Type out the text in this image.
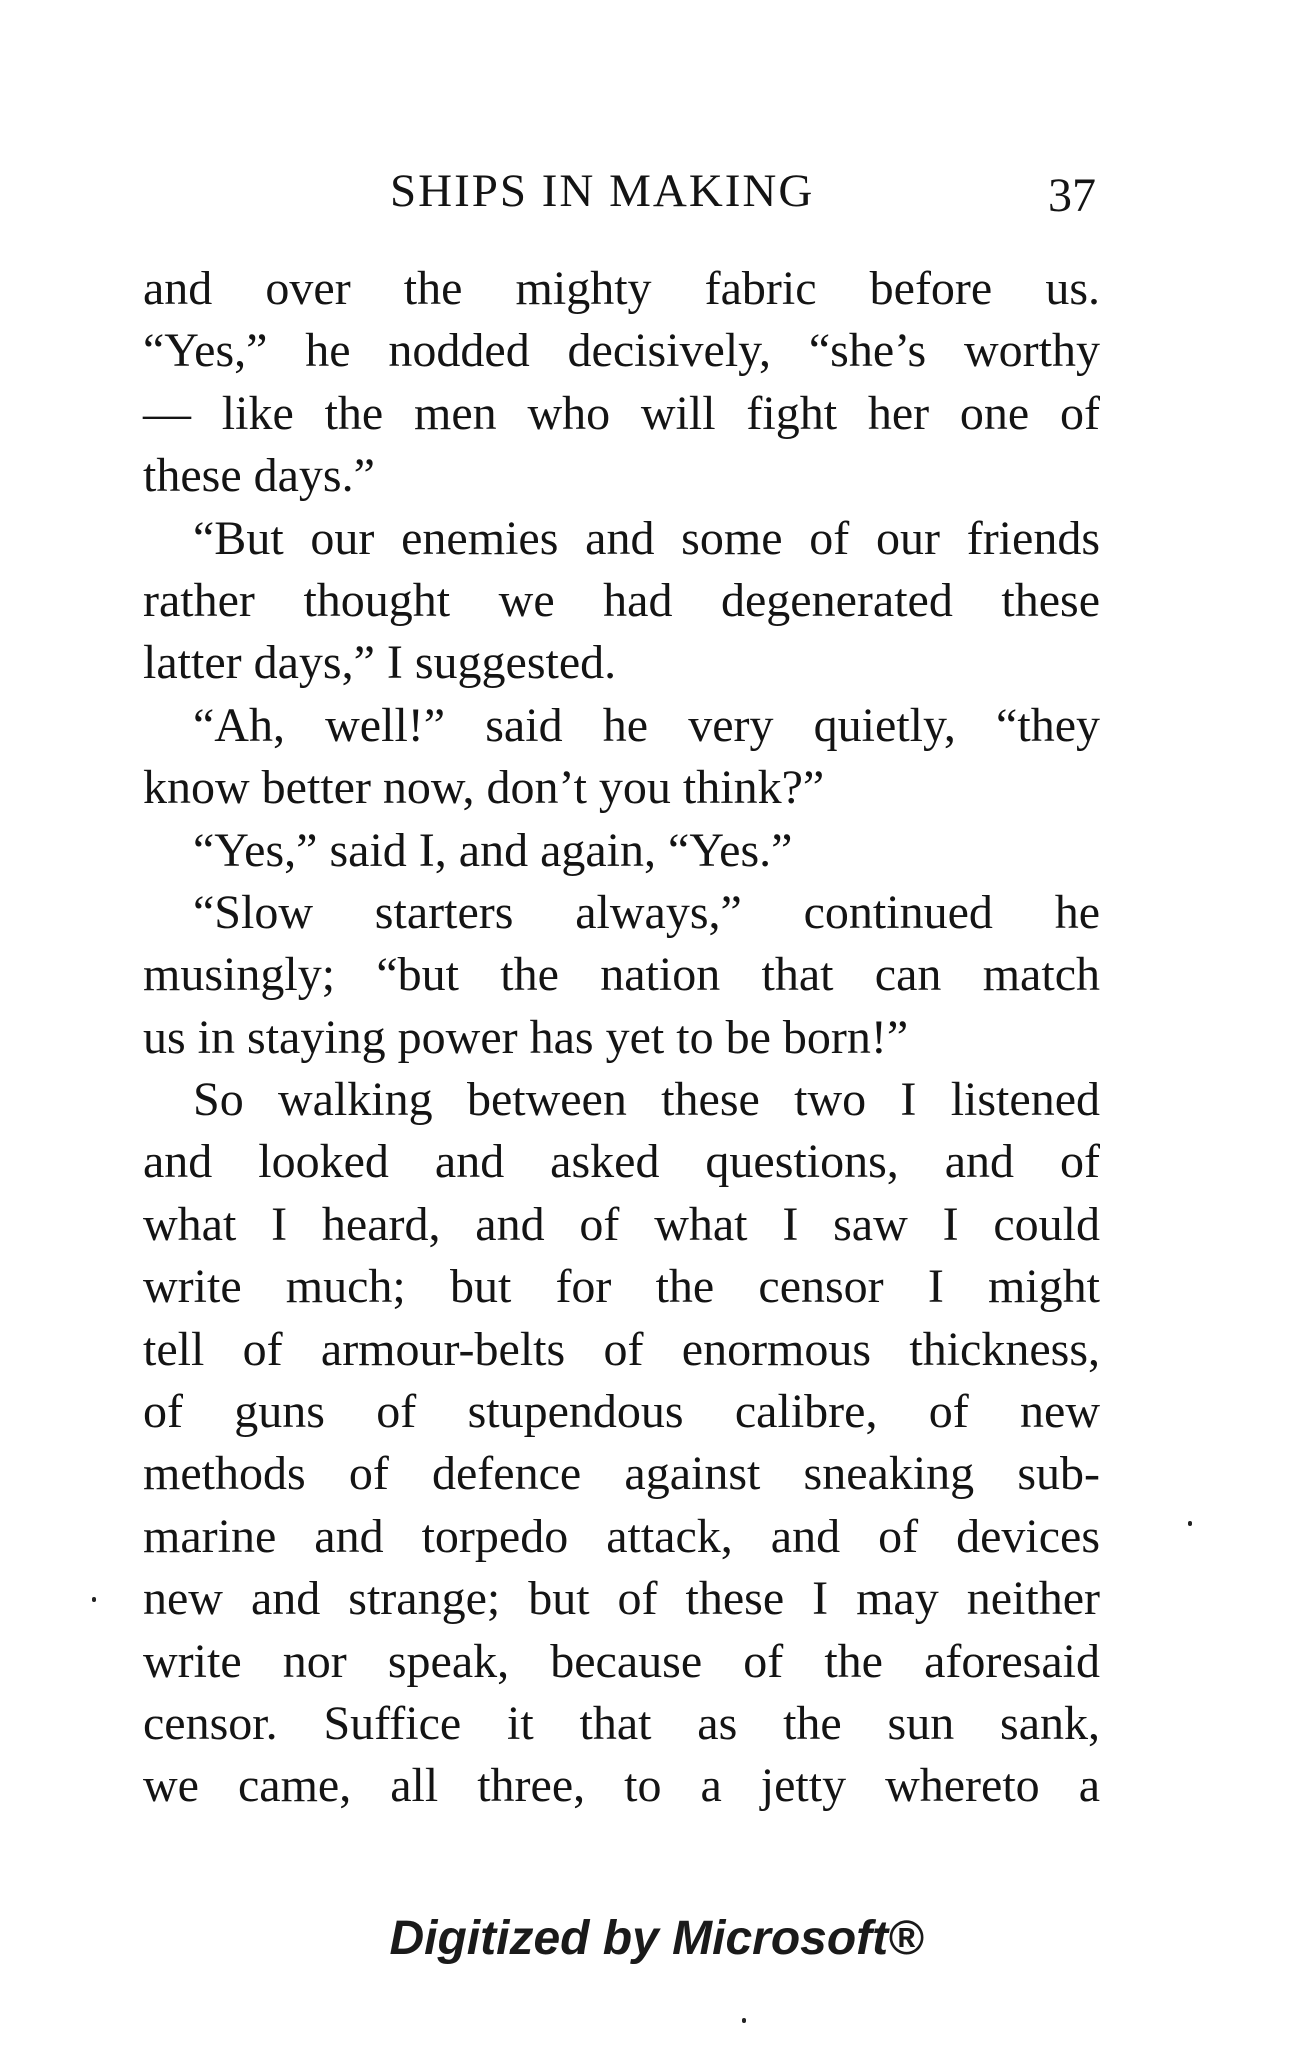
SHIPS IN MAKING	37
and over the mighty fabric before us.
“Yes,” he nodded decisively, “she’s worthy
— like the men who will fight her one of
these days.”
“But our enemies and some of our friends
rather thought we had degenerated these
latter days,” I suggested.
“Ah, well!” said he very quietly, “they
know better now, don’t you think?”
“Yes,” said I, and again, “Yes.”
“Slow starters always,” continued he
musingly; “but the nation that can match
us in staying power has yet to be born!”
So walking between these two I listened
and looked and asked questions, and of
what I heard, and of what I saw I could
write much; but for the censor I might
tell of armour-belts of enormous thickness,
of guns of stupendous calibre, of new
methods of defence against sneaking sub-
marine and torpedo attack, and of devices
new and strange; but of these I may neither
write nor speak, because of the aforesaid
censor. Suffice it that as the sun sank,
we came, all three, to a jetty whereto a
Digitized by Microsoft®
